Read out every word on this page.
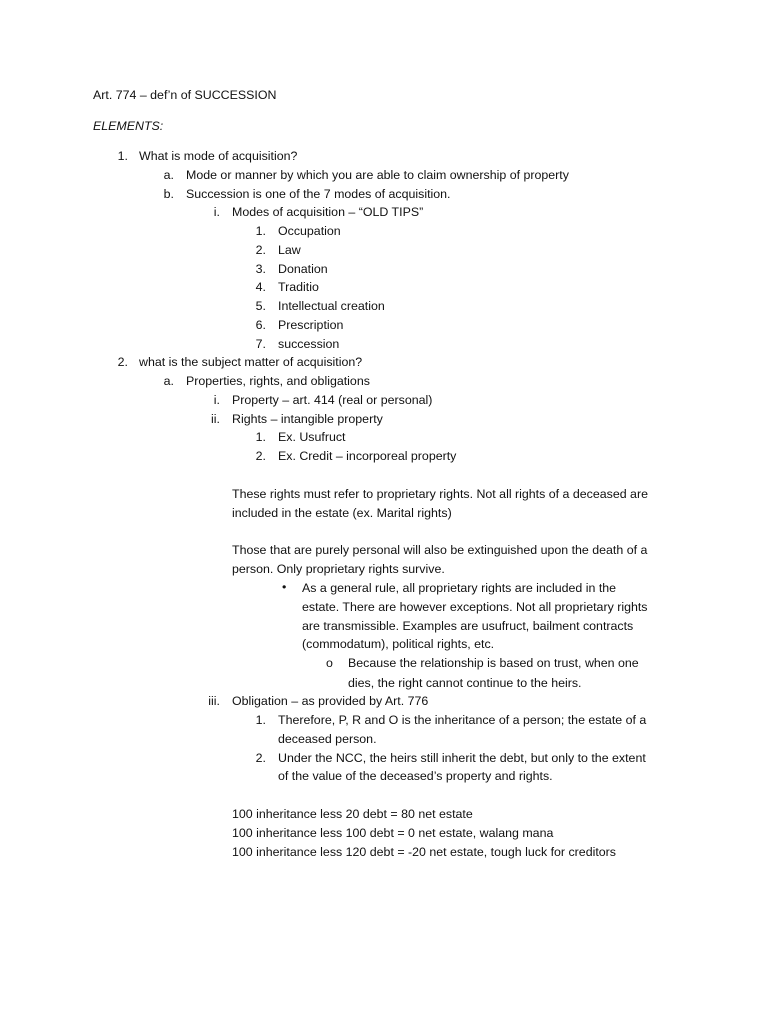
Art. 774 – def’n of SUCCESSION
ELEMENTS:
1. What is mode of acquisition?
a. Mode or manner by which you are able to claim ownership of property
b. Succession is one of the 7 modes of acquisition.
i. Modes of acquisition – “OLD TIPS”
1. Occupation
2. Law
3. Donation
4. Traditio
5. Intellectual creation
6. Prescription
7. succession
2. what is the subject matter of acquisition?
a. Properties, rights, and obligations
i. Property – art. 414 (real or personal)
ii. Rights – intangible property
1. Ex. Usufruct
2. Ex. Credit – incorporeal property
These rights must refer to proprietary rights. Not all rights of a deceased are
included in the estate (ex. Marital rights)
Those that are purely personal will also be extinguished upon the death of a
person. Only proprietary rights survive.
• As a general rule, all proprietary rights are included in the
estate. There are however exceptions. Not all proprietary rights
are transmissible. Examples are usufruct, bailment contracts
(commodatum), political rights, etc.
o Because the relationship is based on trust, when one
dies, the right cannot continue to the heirs.
iii. Obligation – as provided by Art. 776
1. Therefore, P, R and O is the inheritance of a person; the estate of a
deceased person.
2. Under the NCC, the heirs still inherit the debt, but only to the extent
of the value of the deceased’s property and rights.
100 inheritance less 20 debt = 80 net estate
100 inheritance less 100 debt = 0 net estate, walang mana
100 inheritance less 120 debt = -20 net estate, tough luck for creditors
